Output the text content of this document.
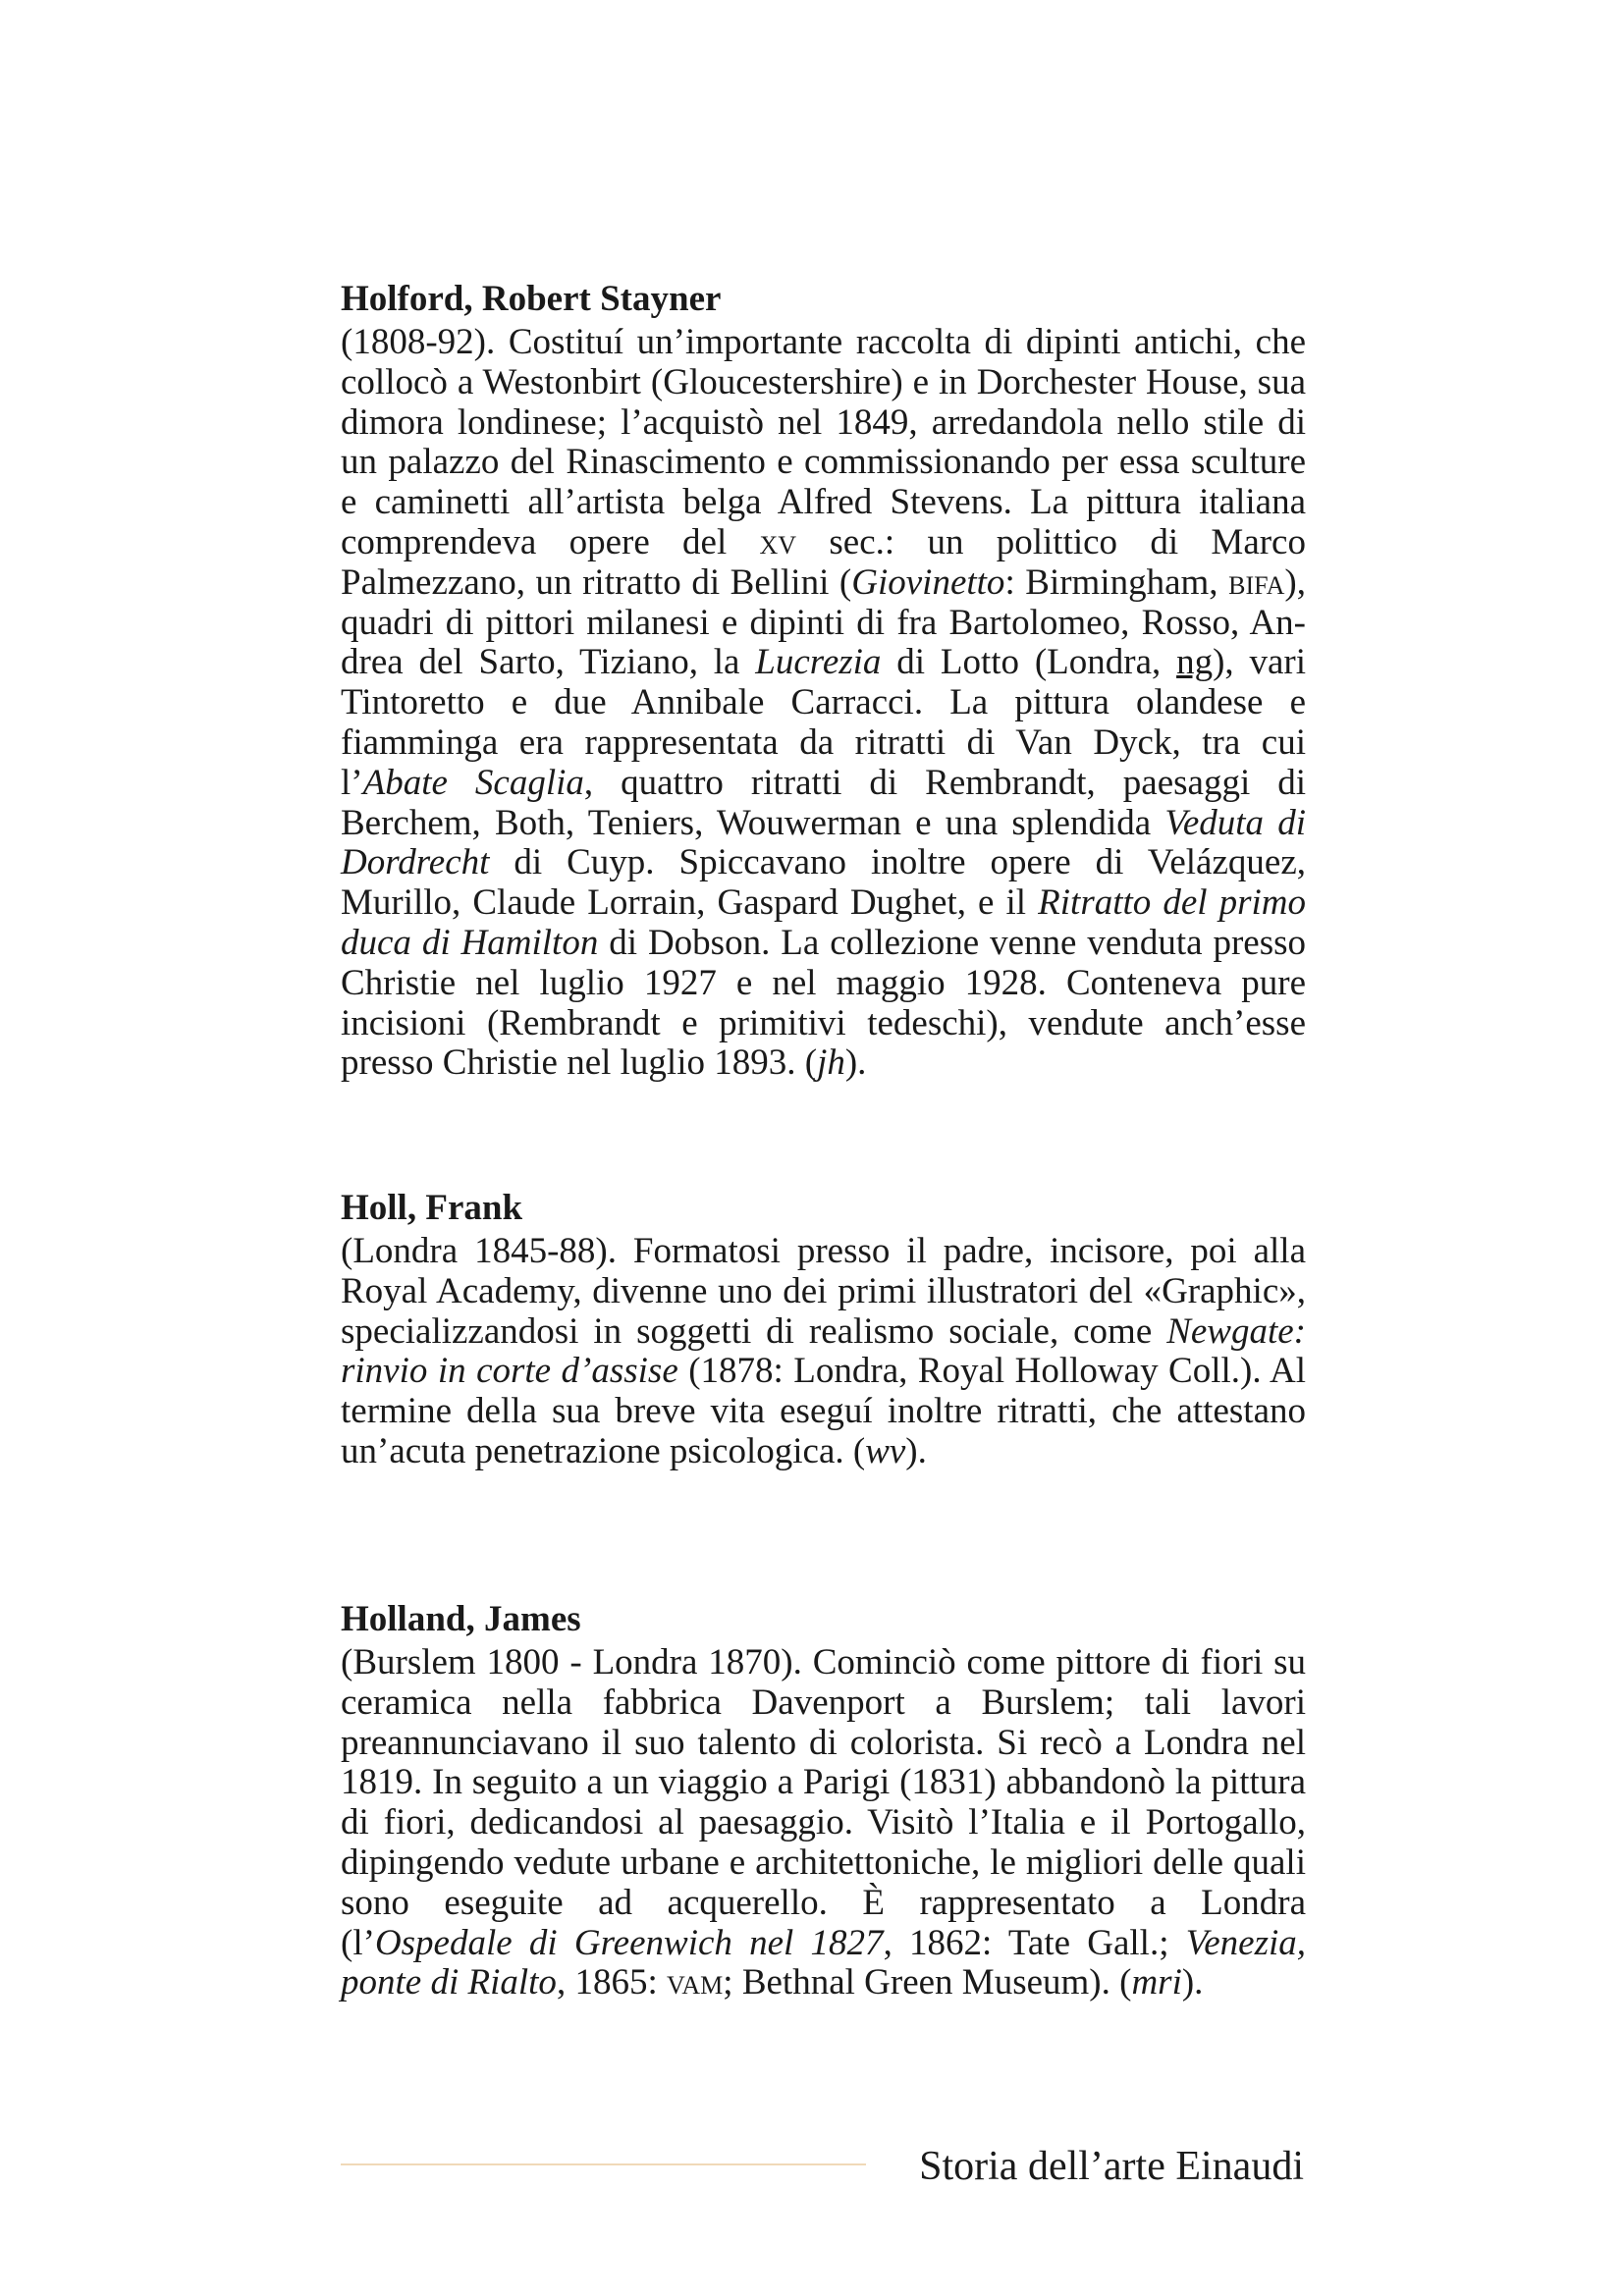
Holford, Robert Stayner

(1808-92). Costituí un’importante raccolta di dipinti antichi, che collocò a Westonbirt (Gloucestershire) e in Dorchester House, sua dimora londinese; l’acquistò nel 1849, arredandola nello stile di un palazzo del Rinascimento e commissionando per essa sculture e caminetti all’artista belga Alfred Stevens. La pittura italiana comprendeva opere del xv sec.: un polittico di Marco Palmezzano, un ritratto di Bellini (Giovinetto: Birmingham, bifa), quadri di pittori milanesi e dipinti di fra Bartolomeo, Rosso, Andrea del Sarto, Tiziano, la Lucrezia di Lotto (Londra, ng), vari Tintoretto e due Annibale Carracci. La pittura olandese e fiamminga era rappresentata da ritratti di Van Dyck, tra cui l’Abate Scaglia, quattro ritratti di Rembrandt, paesaggi di Berchem, Both, Teniers, Wouwerman e una splendida Veduta di Dordrecht di Cuyp. Spiccavano inoltre opere di Velázquez, Murillo, Claude Lorrain, Gaspard Dughet, e il Ritratto del primo duca di Hamilton di Dobson. La collezione venne venduta presso Christie nel luglio 1927 e nel maggio 1928. Conteneva pure incisioni (Rembrandt e primitivi tedeschi), vendute anch’esse presso Christie nel luglio 1893. (jh).

Holl, Frank

(Londra 1845-88). Formatosi presso il padre, incisore, poi alla Royal Academy, divenne uno dei primi illustratori del «Graphic», specializzandosi in soggetti di realismo sociale, come Newgate: rinvio in corte d’assise (1878: Londra, Royal Holloway Coll.). Al termine della sua breve vita eseguí inoltre ritratti, che attestano un’acuta penetrazione psicologica. (wv).

Holland, James

(Burslem 1800 - Londra 1870). Cominciò come pittore di fiori su ceramica nella fabbrica Davenport a Burslem; tali lavori preannunciavano il suo talento di colorista. Si recò a Londra nel 1819. In seguito a un viaggio a Parigi (1831) abbandonò la pittura di fiori, dedicandosi al paesaggio. Visitò l’Italia e il Portogallo, dipingendo vedute urbane e architettoniche, le migliori delle quali sono eseguite ad acquerello. È rappresentato a Londra (l’Ospedale di Greenwich nel 1827, 1862: Tate Gall.; Venezia, ponte di Rialto, 1865: vam; Bethnal Green Museum). (mri).

Storia dell’arte Einaudi
